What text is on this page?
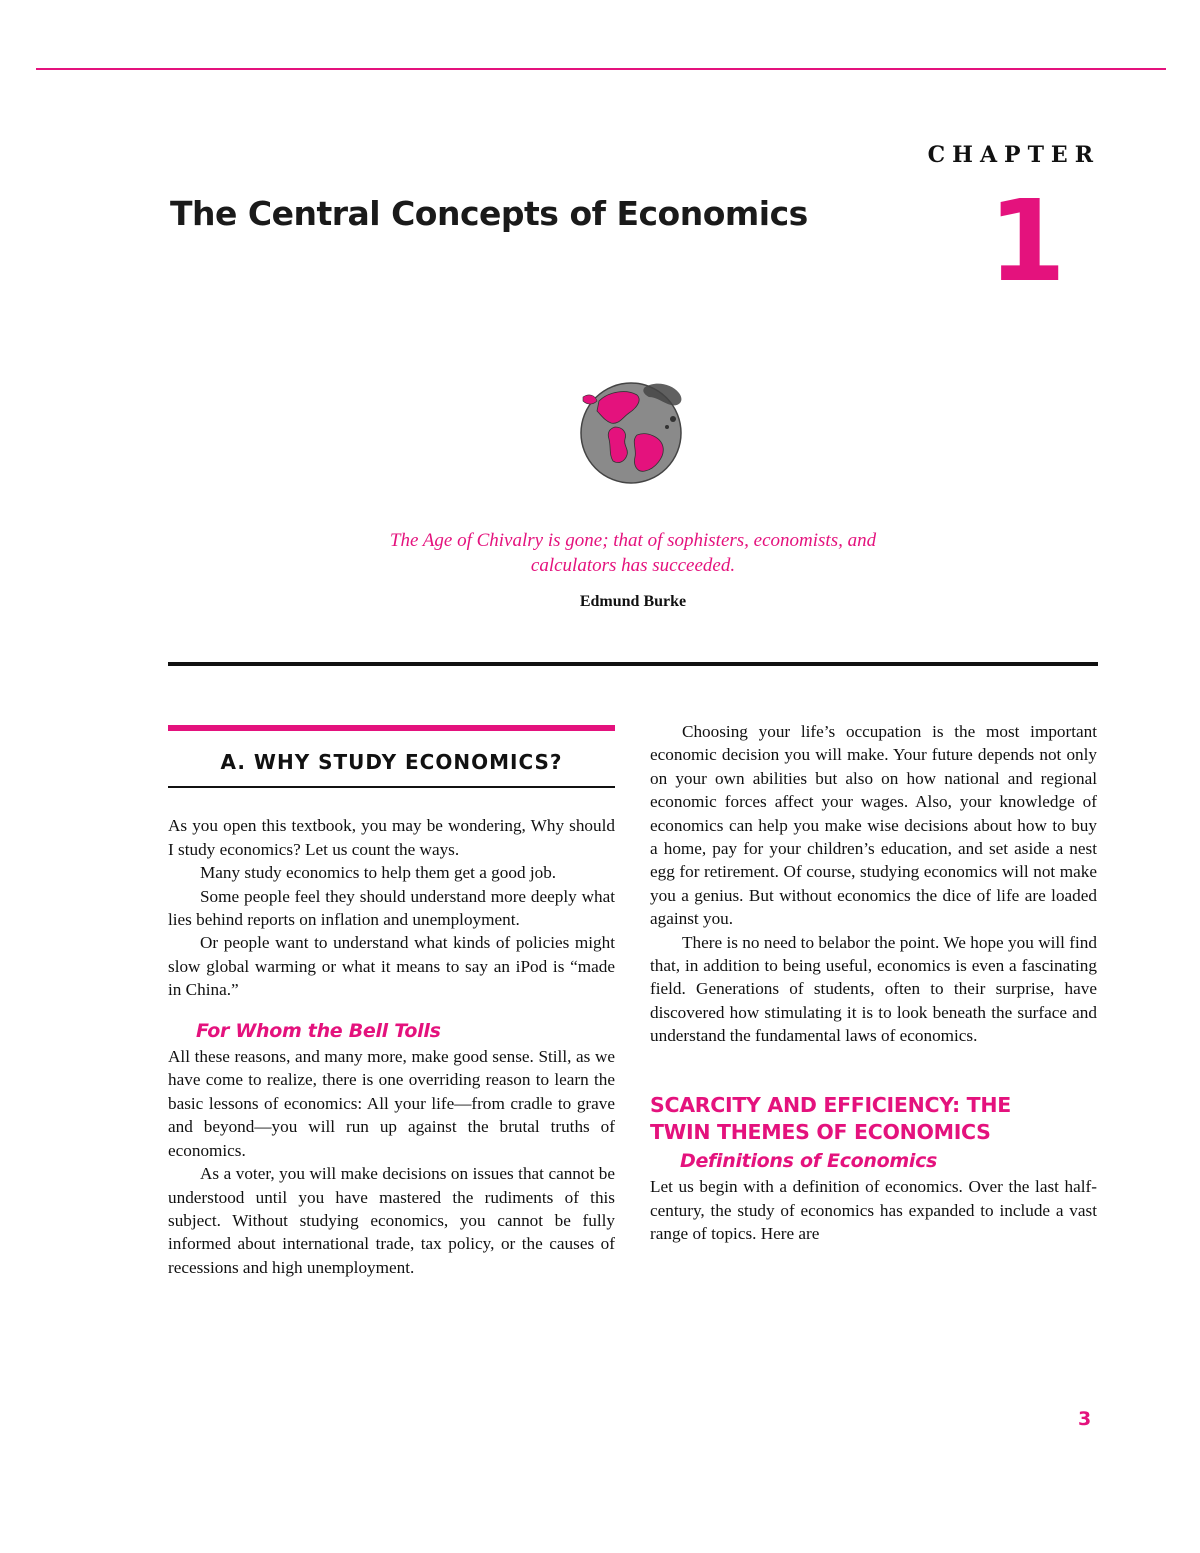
CHAPTER
The Central Concepts of Economics 1
The Age of Chivalry is gone; that of sophisters, economists, and
calculators has succeeded.
Edmund Burke
A. WHY STUDY ECONOMICS?

As you open this textbook, you may be wondering, Why should I study economics? Let us count the ways.

Many study economics to help them get a good job.

Some people feel they should understand more deeply what lies behind reports on inflation and unemployment.

Or people want to understand what kinds of policies might slow global warming or what it means to say an iPod is “made in China.”

For Whom the Bell Tolls

All these reasons, and many more, make good sense. Still, as we have come to realize, there is one overriding reason to learn the basic lessons of economics: All your life—from cradle to grave and beyond—you will run up against the brutal truths of economics.

As a voter, you will make decisions on issues that cannot be understood until you have mastered the rudiments of this subject. Without studying economics, you cannot be fully informed about international trade, tax policy, or the causes of recessions and high unemployment.

Choosing your life’s occupation is the most important economic decision you will make. Your future depends not only on your own abilities but also on how national and regional economic forces affect your wages. Also, your knowledge of economics can help you make wise decisions about how to buy a home, pay for your children’s education, and set aside a nest egg for retirement. Of course, studying economics will not make you a genius. But without economics the dice of life are loaded against you.

There is no need to belabor the point. We hope you will find that, in addition to being useful, economics is even a fascinating field. Generations of students, often to their surprise, have discovered how stimulating it is to look beneath the surface and understand the fundamental laws of economics.

SCARCITY AND EFFICIENCY: THE
TWIN THEMES OF ECONOMICS
Definitions of Economics

Let us begin with a definition of economics. Over the last half-century, the study of economics has expanded to include a vast range of topics. Here are

3
